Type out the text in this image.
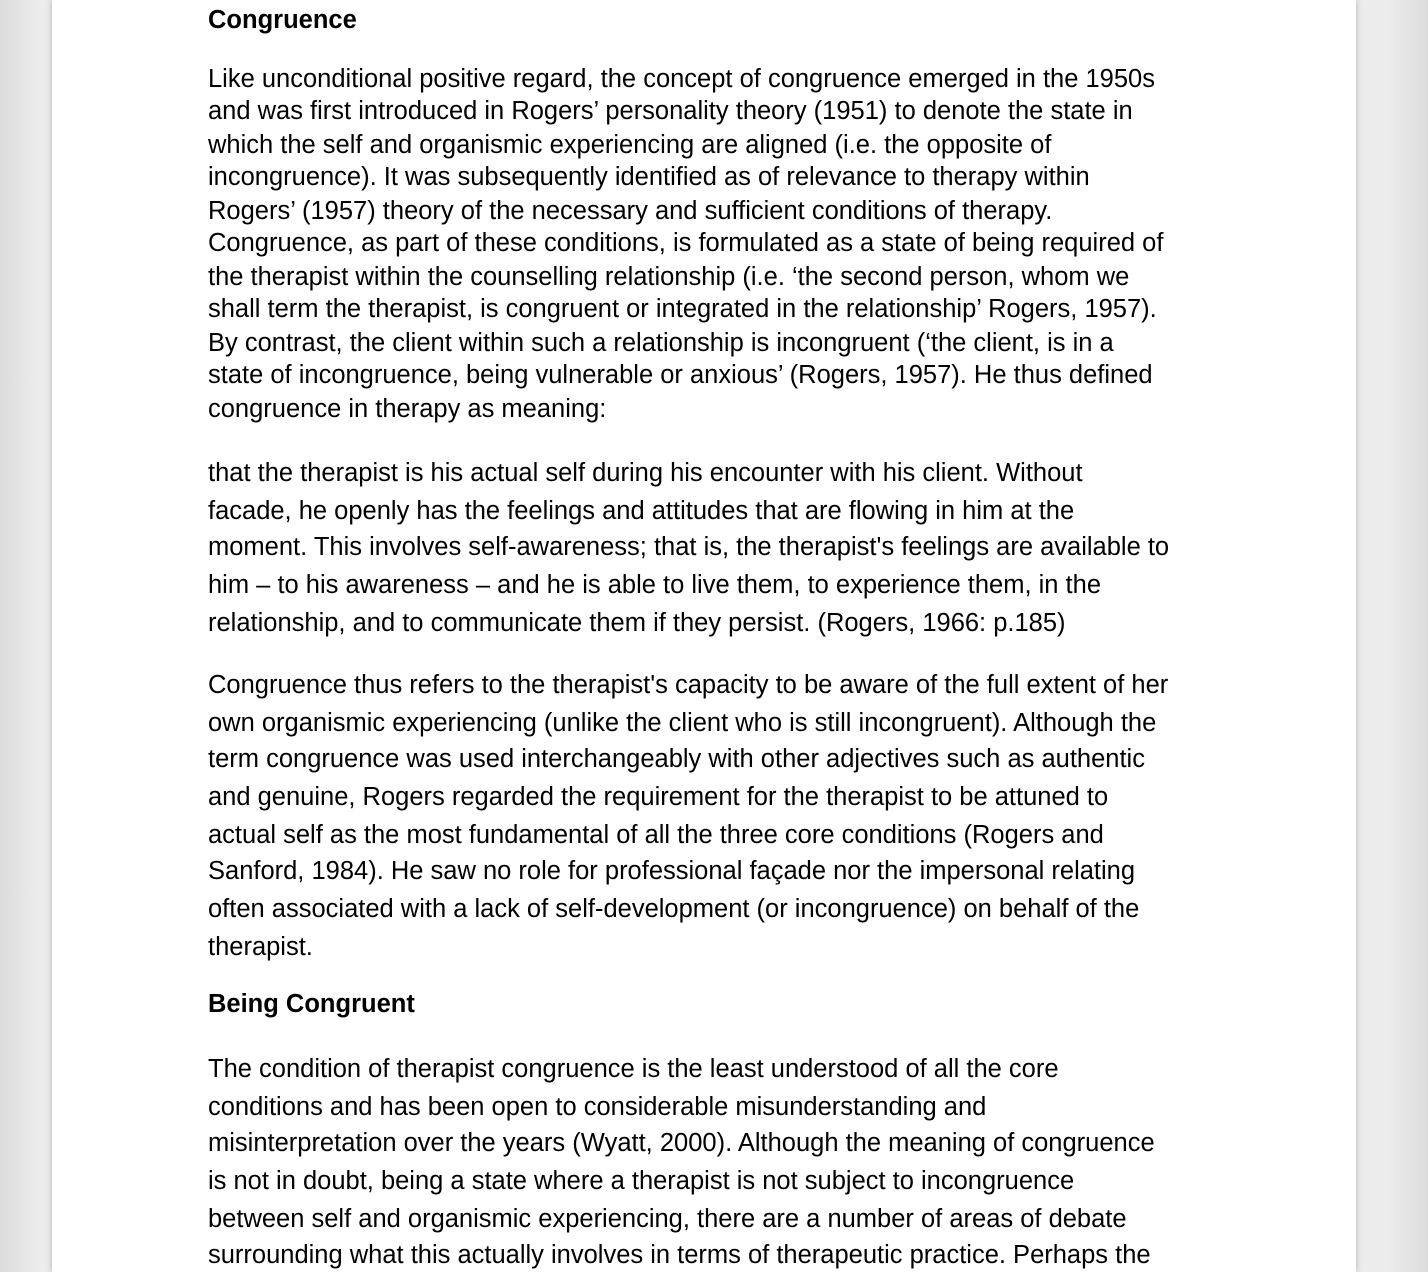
Congruence
Like unconditional positive regard, the concept of congruence emerged in the 1950s
and was first introduced in Rogers’ personality theory (1951) to denote the state in
which the self and organismic experiencing are aligned (i.e. the opposite of
incongruence). It was subsequently identified as of relevance to therapy within
Rogers’ (1957) theory of the necessary and sufficient conditions of therapy.
Congruence, as part of these conditions, is formulated as a state of being required of
the therapist within the counselling relationship (i.e. ‘the second person, whom we
shall term the therapist, is congruent or integrated in the relationship’ Rogers, 1957).
By contrast, the client within such a relationship is incongruent (‘the client, is in a
state of incongruence, being vulnerable or anxious’ (Rogers, 1957). He thus defined
congruence in therapy as meaning:
that the therapist is his actual self during his encounter with his client. Without
facade, he openly has the feelings and attitudes that are flowing in him at the
moment. This involves self-awareness; that is, the therapist's feelings are available to
him – to his awareness – and he is able to live them, to experience them, in the
relationship, and to communicate them if they persist. (Rogers, 1966: p.185)
Congruence thus refers to the therapist's capacity to be aware of the full extent of her
own organismic experiencing (unlike the client who is still incongruent). Although the
term congruence was used interchangeably with other adjectives such as authentic
and genuine, Rogers regarded the requirement for the therapist to be attuned to
actual self as the most fundamental of all the three core conditions (Rogers and
Sanford, 1984). He saw no role for professional façade nor the impersonal relating
often associated with a lack of self-development (or incongruence) on behalf of the
therapist.
Being Congruent
The condition of therapist congruence is the least understood of all the core
conditions and has been open to considerable misunderstanding and
misinterpretation over the years (Wyatt, 2000). Although the meaning of congruence
is not in doubt, being a state where a therapist is not subject to incongruence
between self and organismic experiencing, there are a number of areas of debate
surrounding what this actually involves in terms of therapeutic practice. Perhaps the
